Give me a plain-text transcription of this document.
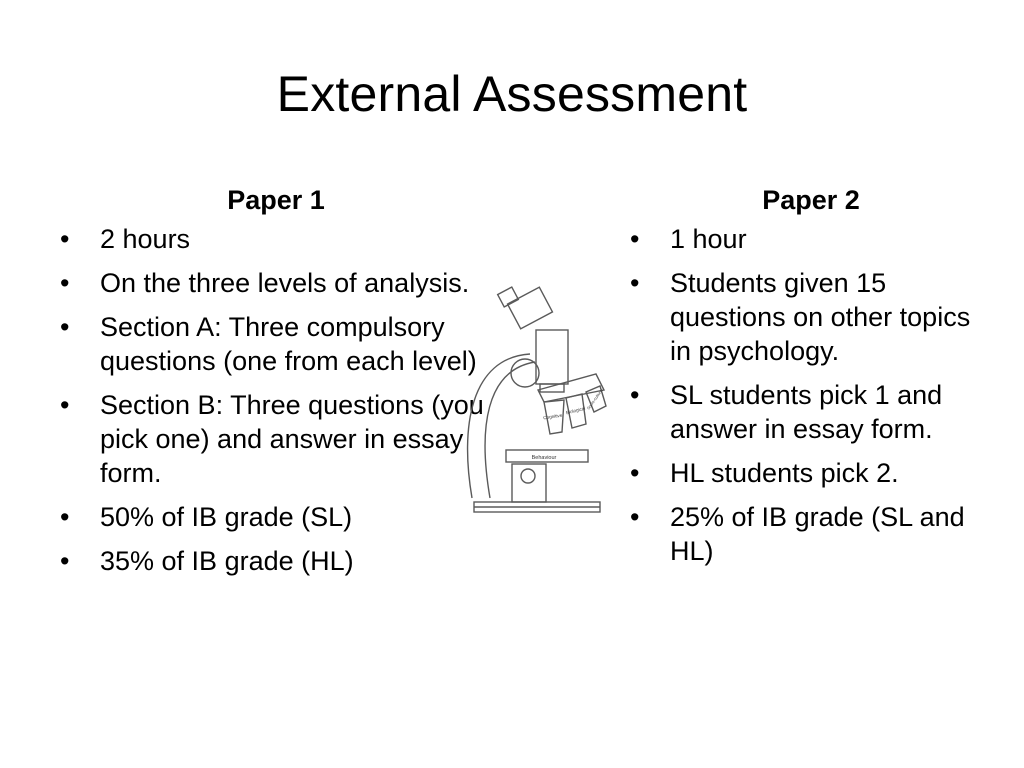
External Assessment
Paper 1
• 2 hours
• On the three levels of analysis.
• Section A: Three compulsory questions (one from each level)
• Section B: Three questions (you pick one) and answer in essay form.
• 50% of IB grade (SL)
• 35% of IB grade (HL)
Behaviour
Cognitive
Biological
Socio-cultural
Paper 2
• 1 hour
• Students given 15 questions on other topics in psychology.
• SL students pick 1 and answer in essay form.
• HL students pick 2.
• 25% of IB grade (SL and HL)
